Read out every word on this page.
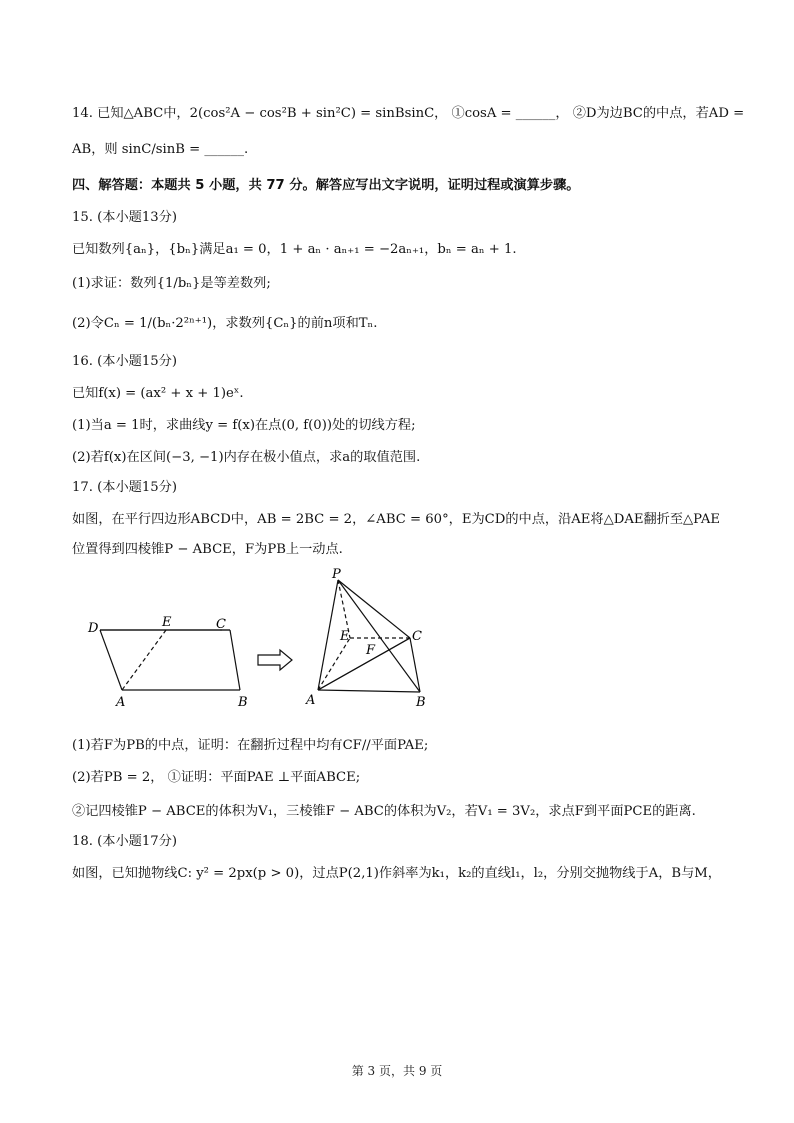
14. 已知△ABC中，2(cos²A − cos²B + sin²C) = sinBsinC， ①cosA = ______， ②D为边BC的中点，若AD =
AB，则 sinC/sinB = ______.
四、解答题：本题共 5 小题，共 77 分。解答应写出文字说明，证明过程或演算步骤。
15. (本小题13分)
已知数列{aₙ}，{bₙ}满足a₁ = 0，1 + aₙ · aₙ₊₁ = −2aₙ₊₁，bₙ = aₙ + 1.
(1)求证：数列{1/bₙ}是等差数列;
(2)令Cₙ = 1/(bₙ·2²ⁿ⁺¹)，求数列{Cₙ}的前n项和Tₙ.
16. (本小题15分)
已知f(x) = (ax² + x + 1)eˣ.
(1)当a = 1时，求曲线y = f(x)在点(0, f(0))处的切线方程;
(2)若f(x)在区间(−3, −1)内存在极小值点，求a的取值范围.
17. (本小题15分)
如图，在平行四边形ABCD中，AB = 2BC = 2，∠ABC = 60°，E为CD的中点，沿AE将△DAE翻折至△PAE
位置得到四棱锥P − ABCE，F为PB上一动点.
D	E	C
A	B
P
E
F
C
A	B
(1)若F为PB的中点，证明：在翻折过程中均有CF//平面PAE;
(2)若PB = 2， ①证明：平面PAE ⊥平面ABCE;
②记四棱锥P − ABCE的体积为V₁，三棱锥F − ABC的体积为V₂，若V₁ = 3V₂，求点F到平面PCE的距离.
18. (本小题17分)
如图，已知抛物线C: y² = 2px(p > 0)，过点P(2,1)作斜率为k₁，k₂的直线l₁，l₂，分别交抛物线于A，B与M，
第 3 页，共 9 页
